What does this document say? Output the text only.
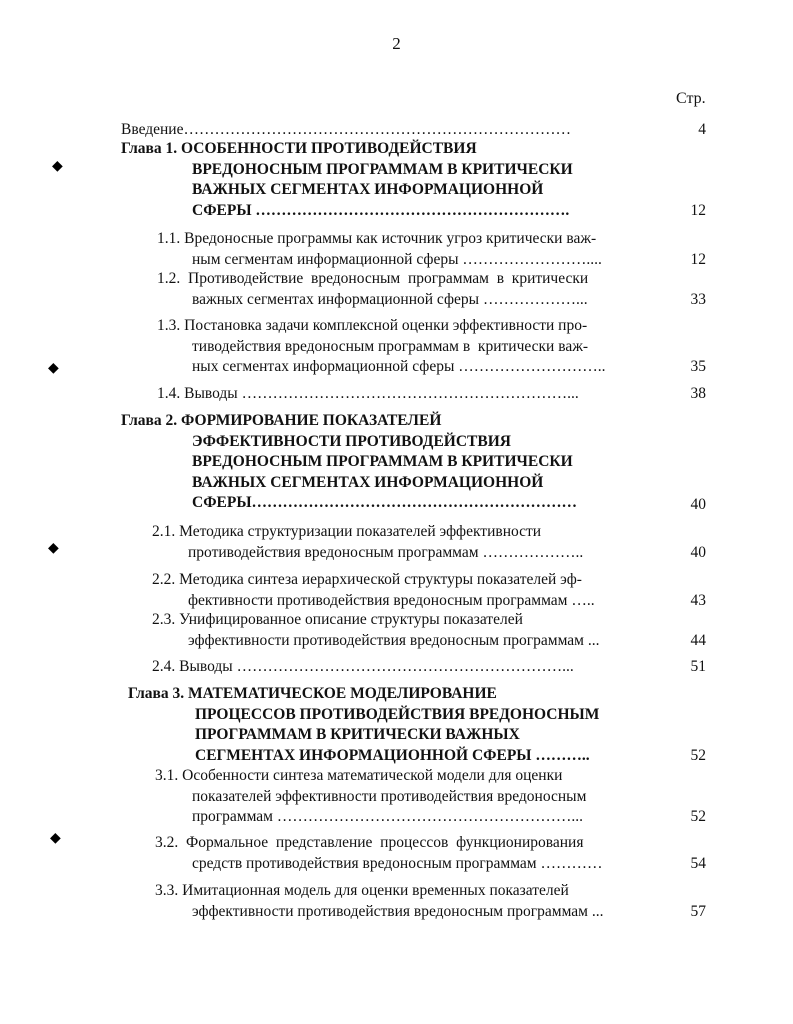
2
Стр.
Введение…………………………………………………………………	4
Глава 1. ОСОБЕННОСТИ ПРОТИВОДЕЙСТВИЯ
ВРЕДОНОСНЫМ ПРОГРАММАМ В КРИТИЧЕСКИ
ВАЖНЫХ СЕГМЕНТАХ ИНФОРМАЦИОННОЙ
СФЕРЫ …………………………………………………….	12
1.1. Вредоносные программы как источник угроз критически важ-
ным сегментам информационной сферы ……………………....	12
1.2.  Противодействие  вредоносным  программам  в  критически
важных сегментах информационной сферы ………………...	33
1.3. Постановка задачи комплексной оценки эффективности про-
тиводействия вредоносным программам в  критически важ-
ных сегментах информационной сферы ………………………..	35
1.4. Выводы ………………………………………………………...	38
Глава 2. ФОРМИРОВАНИЕ ПОКАЗАТЕЛЕЙ
ЭФФЕКТИВНОСТИ ПРОТИВОДЕЙСТВИЯ
ВРЕДОНОСНЫМ ПРОГРАММАМ В КРИТИЧЕСКИ
ВАЖНЫХ СЕГМЕНТАХ ИНФОРМАЦИОННОЙ
СФЕРЫ………………………………………………………	40
2.1. Методика структуризации показателей эффективности
противодействия вредоносным программам ………………..	40
2.2. Методика синтеза иерархической структуры показателей эф-
фективности противодействия вредоносным программам …..	43
2.3. Унифицированное описание структуры показателей
эффективности противодействия вредоносным программам ...	44
2.4. Выводы ………………………………………………………...	51
Глава 3. МАТЕМАТИЧЕСКОЕ МОДЕЛИРОВАНИЕ
ПРОЦЕССОВ ПРОТИВОДЕЙСТВИЯ ВРЕДОНОСНЫМ
ПРОГРАММАМ В КРИТИЧЕСКИ ВАЖНЫХ
СЕГМЕНТАХ ИНФОРМАЦИОННОЙ СФЕРЫ ………..	52
3.1. Особенности синтеза математической модели для оценки
показателей эффективности противодействия вредоносным
программам …………………………………………………...	52
3.2.  Формальное  представление  процессов  функционирования
средств противодействия вредоносным программам …………	54
3.3. Имитационная модель для оценки временных показателей
эффективности противодействия вредоносным программам ...	57
◆
◆
◆
◆
